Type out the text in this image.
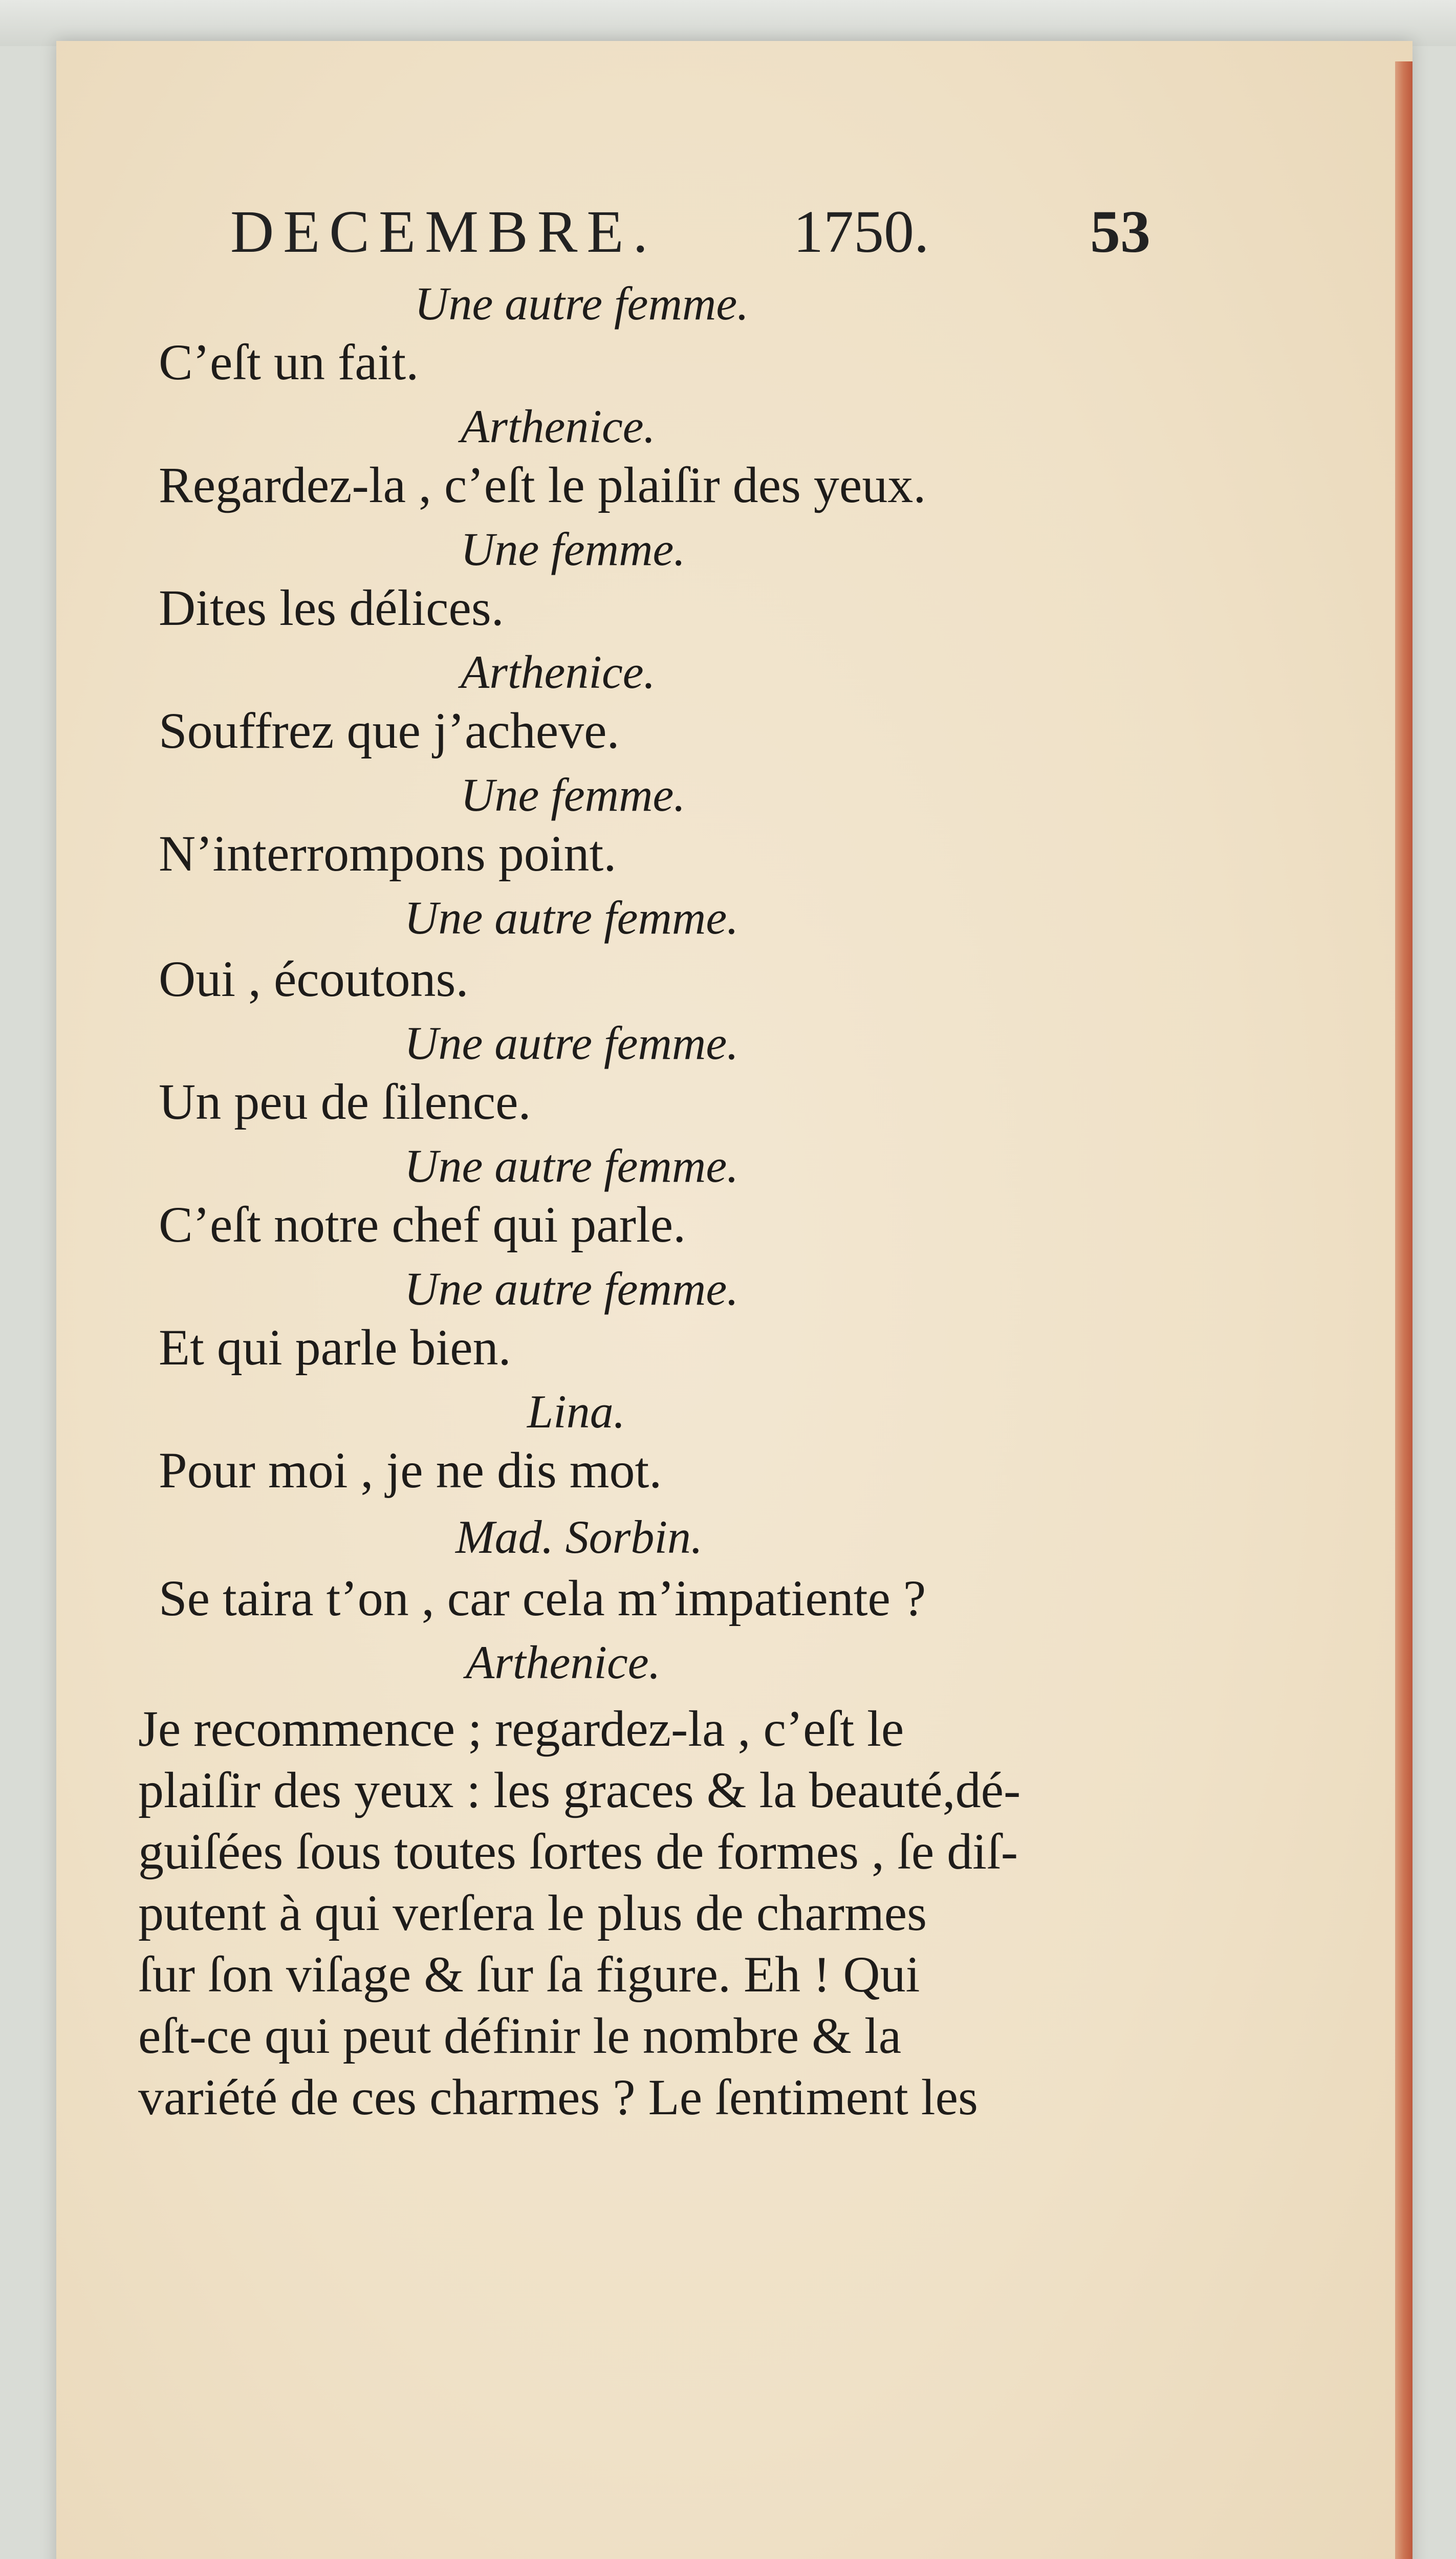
DECEMBRE. 1750.	53
Une autre femme.
C’eſt un fait.
Arthenice.
Regardez-la , c’eſt le plaiſir des yeux.
Une femme.
Dites les délices.
Arthenice.
Souffrez que j’acheve.
Une femme.
N’interrompons point.
Une autre femme.
Oui , écoutons.
Une autre femme.
Un peu de ſilence.
Une autre femme.
C’eſt notre chef qui parle.
Une autre femme.
Et qui parle bien.
Lina.
Pour moi , je ne dis mot.
Mad. Sorbin.
Se taira t’on , car cela m’impatiente ?
Arthenice.
Je recommence ; regardez-la , c’eſt le
plaiſir des yeux : les graces & la beauté,dé-
guiſées ſous toutes ſortes de formes , ſe diſ-
putent à qui verſera le plus de charmes
ſur ſon viſage & ſur ſa figure. Eh ! Qui
eſt-ce qui peut définir le nombre & la
variété de ces charmes ? Le ſentiment les
